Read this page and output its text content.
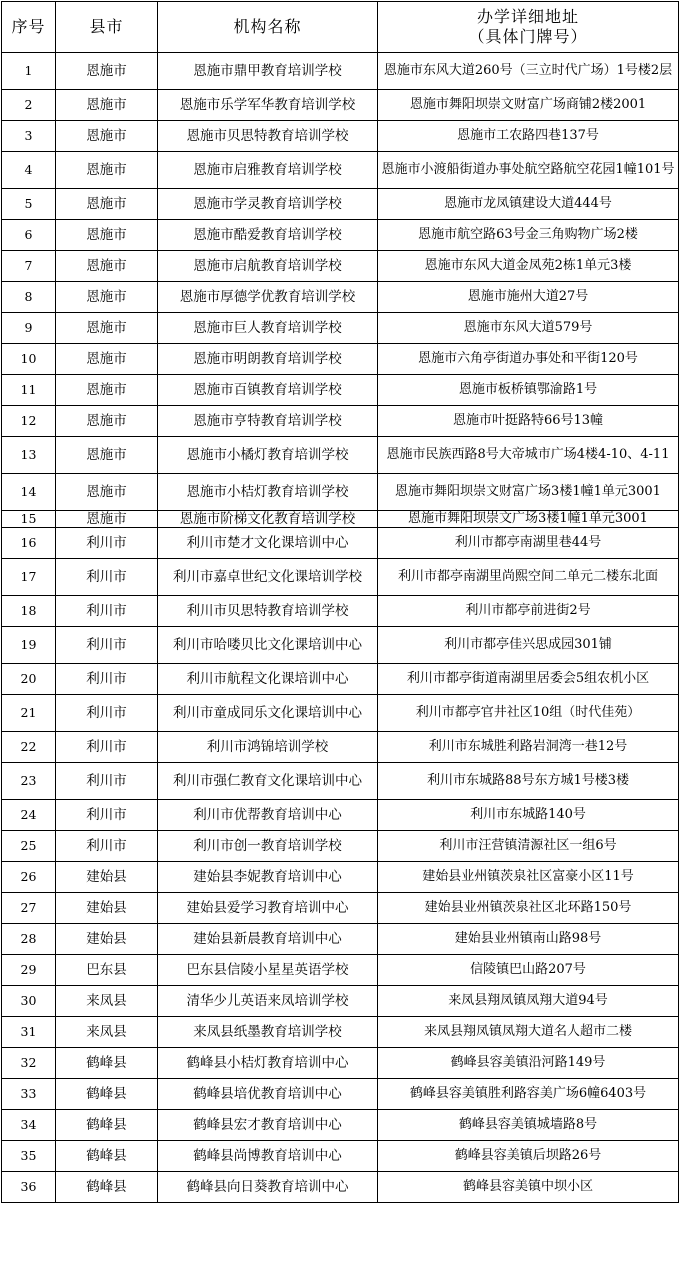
序号	县市	机构名称	办学详细地址
（具体门牌号）

1	恩施市	恩施市鼎甲教育培训学校	恩施市东风大道260号（三立时代广场）1号楼2层
2	恩施市	恩施市乐学军华教育培训学校	恩施市舞阳坝崇文财富广场商铺2楼2001
3	恩施市	恩施市贝思特教育培训学校	恩施市工农路四巷137号
4	恩施市	恩施市启雅教育培训学校	恩施市小渡船街道办事处航空路航空花园1幢101号
5	恩施市	恩施市学灵教育培训学校	恩施市龙凤镇建设大道444号
6	恩施市	恩施市酷爱教育培训学校	恩施市航空路63号金三角购物广场2楼
7	恩施市	恩施市启航教育培训学校	恩施市东风大道金凤苑2栋1单元3楼
8	恩施市	恩施市厚德学优教育培训学校	恩施市施州大道27号
9	恩施市	恩施市巨人教育培训学校	恩施市东风大道579号
10	恩施市	恩施市明朗教育培训学校	恩施市六角亭街道办事处和平街120号
11	恩施市	恩施市百镇教育培训学校	恩施市板桥镇鄂渝路1号
12	恩施市	恩施市亨特教育培训学校	恩施市叶挺路特66号13幢
13	恩施市	恩施市小橘灯教育培训学校	恩施市民族西路8号大帝城市广场4楼4-10、4-11
14	恩施市	恩施市小桔灯教育培训学校	恩施市舞阳坝崇文财富广场3楼1幢1单元3001
15	恩施市	恩施市阶梯文化教育培训学校	恩施市舞阳坝崇文广场3楼1幢1单元3001
16	利川市	利川市楚才文化课培训中心	利川市都亭南湖里巷44号
17	利川市	利川市嘉卓世纪文化课培训学校	利川市都亭南湖里尚熙空间二单元二楼东北面
18	利川市	利川市贝思特教育培训学校	利川市都亭前进街2号
19	利川市	利川市哈喽贝比文化课培训中心	利川市都亭佳兴思成园301铺
20	利川市	利川市航程文化课培训中心	利川市都亭街道南湖里居委会5组农机小区
21	利川市	利川市童成同乐文化课培训中心	利川市都亭官井社区10组（时代佳苑）
22	利川市	利川市鸿锦培训学校	利川市东城胜利路岩洞湾一巷12号
23	利川市	利川市强仁教育文化课培训中心	利川市东城路88号东方城1号楼3楼
24	利川市	利川市优帮教育培训中心	利川市东城路140号
25	利川市	利川市创一教育培训学校	利川市汪营镇清源社区一组6号
26	建始县	建始县李妮教育培训中心	建始县业州镇茨泉社区富豪小区11号
27	建始县	建始县爱学习教育培训中心	建始县业州镇茨泉社区北环路150号
28	建始县	建始县新晨教育培训中心	建始县业州镇南山路98号
29	巴东县	巴东县信陵小星星英语学校	信陵镇巴山路207号
30	来凤县	清华少儿英语来凤培训学校	来凤县翔凤镇凤翔大道94号
31	来凤县	来凤县纸墨教育培训学校	来凤县翔凤镇凤翔大道名人超市二楼
32	鹤峰县	鹤峰县小桔灯教育培训中心	鹤峰县容美镇沿河路149号
33	鹤峰县	鹤峰县培优教育培训中心	鹤峰县容美镇胜利路容美广场6幢6403号
34	鹤峰县	鹤峰县宏才教育培训中心	鹤峰县容美镇城墙路8号
35	鹤峰县	鹤峰县尚博教育培训中心	鹤峰县容美镇后坝路26号
36	鹤峰县	鹤峰县向日葵教育培训中心	鹤峰县容美镇中坝小区
